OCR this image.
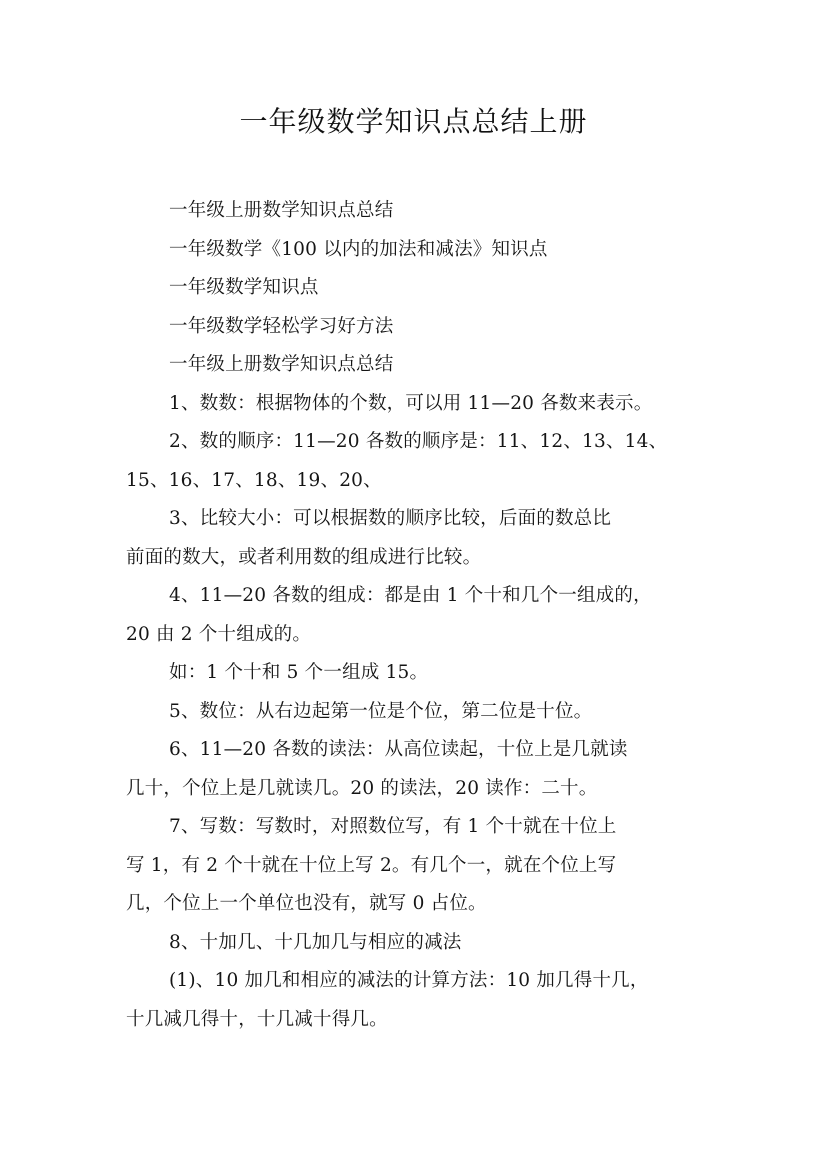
一年级数学知识点总结上册
一年级上册数学知识点总结
一年级数学《100 以内的加法和减法》知识点
一年级数学知识点
一年级数学轻松学习好方法
一年级上册数学知识点总结
1、数数：根据物体的个数，可以用 11—20 各数来表示。
2、数的顺序：11—20 各数的顺序是：11、12、13、14、
15、16、17、18、19、20、
3、比较大小：可以根据数的顺序比较，后面的数总比
前面的数大，或者利用数的组成进行比较。
4、11—20 各数的组成：都是由 1 个十和几个一组成的，
20 由 2 个十组成的。
如：1 个十和 5 个一组成 15。
5、数位：从右边起第一位是个位，第二位是十位。
6、11—20 各数的读法：从高位读起，十位上是几就读
几十，个位上是几就读几。20 的读法，20 读作：二十。
7、写数：写数时，对照数位写，有 1 个十就在十位上
写 1，有 2 个十就在十位上写 2。有几个一，就在个位上写
几，个位上一个单位也没有，就写 0 占位。
8、十加几、十几加几与相应的减法
(1)、10 加几和相应的减法的计算方法：10 加几得十几，
十几减几得十，十几减十得几。
